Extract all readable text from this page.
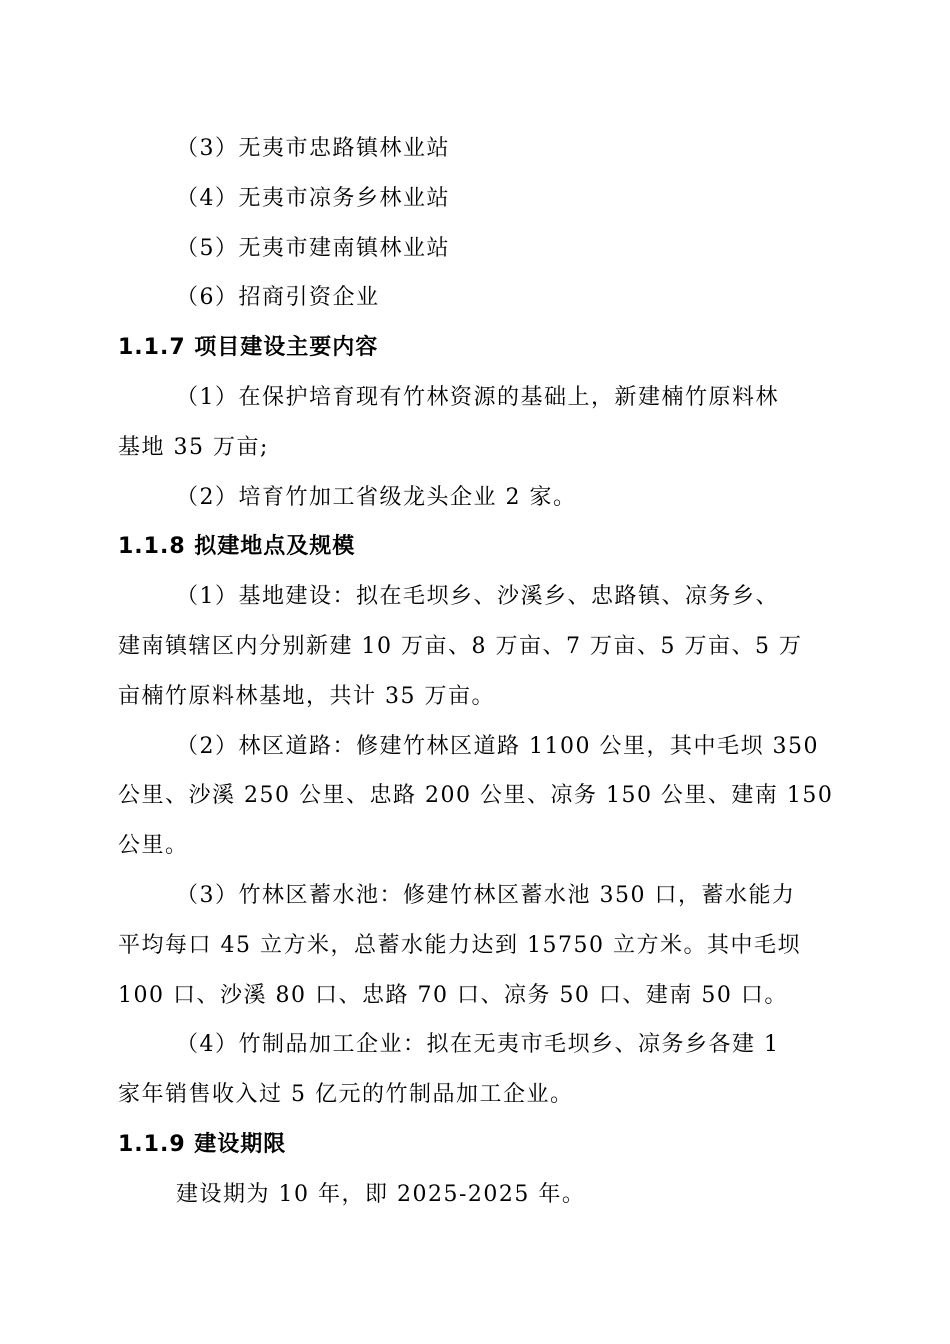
（3）无夷市忠路镇林业站

（4）无夷市凉务乡林业站

（5）无夷市建南镇林业站

（6）招商引资企业

1.1.7 项目建设主要内容

（1）在保护培育现有竹林资源的基础上，新建楠竹原料林
基地 35 万亩;

（2）培育竹加工省级龙头企业 2 家。

1.1.8 拟建地点及规模

（1）基地建设：拟在毛坝乡、沙溪乡、忠路镇、凉务乡、
建南镇辖区内分别新建 10 万亩、8 万亩、7 万亩、5 万亩、5 万
亩楠竹原料林基地，共计 35 万亩。
（2）林区道路：修建竹林区道路 1100 公里，其中毛坝 350
公里、沙溪 250 公里、忠路 200 公里、凉务 150 公里、建南 150
公里。
（3）竹林区蓄水池：修建竹林区蓄水池 350 口，蓄水能力
平均每口 45 立方米，总蓄水能力达到 15750 立方米。其中毛坝
100 口、沙溪 80 口、忠路 70 口、凉务 50 口、建南 50 口。
（4）竹制品加工企业：拟在无夷市毛坝乡、凉务乡各建 1
家年销售收入过 5 亿元的竹制品加工企业。

1.1.9 建设期限

建设期为 10 年，即 2025-2025 年。
